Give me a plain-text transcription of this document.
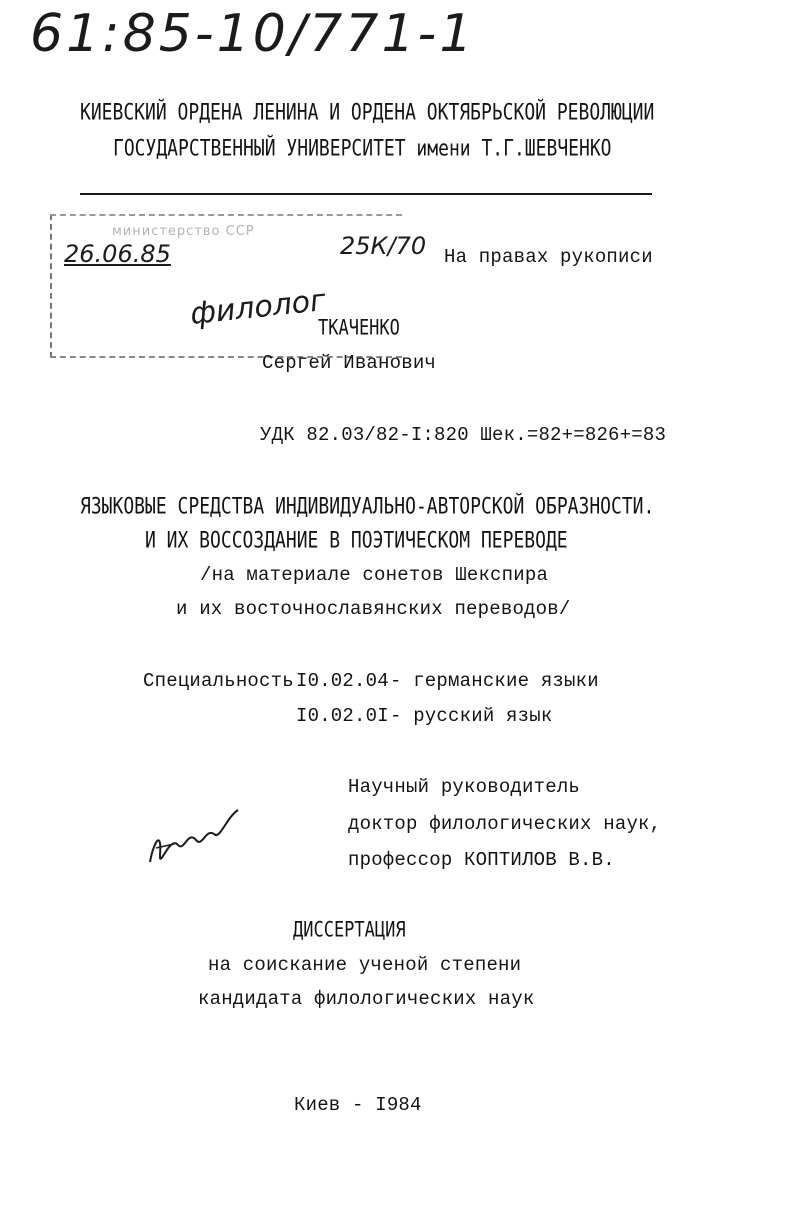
61:85-10/771-1
КИЕВСКИЙ ОРДЕНА ЛЕНИНА И ОРДЕНА ОКТЯБРЬСКОЙ РЕВОЛЮЦИИ
ГОСУДАРСТВЕННЫЙ УНИВЕРСИТЕТ имени Т.Г.ШЕВЧЕНКО
министерство ССР
26.06.85	25К/70
филолог
На правах рукописи
ТКАЧЕНКО
Сергей Иванович
УДК 82.03/82-I:820 Шек.=82+=826+=83
ЯЗЫКОВЫЕ СРЕДСТВА ИНДИВИДУАЛЬНО-АВТОРСКОЙ ОБРАЗНОСТИ.
И ИХ ВОССОЗДАНИЕ В ПОЭТИЧЕСКОМ ПЕРЕВОДЕ
/на материале сонетов Шекспира
и их восточнославянских переводов/
Специальность I0.02.04 - германские языки
I0.02.0I - русский язык
Научный руководитель
доктор филологических наук,
профессор КОПТИЛОВ В.В.
ДИССЕРТАЦИЯ
на соискание ученой степени
кандидата филологических наук
Киев - I984
